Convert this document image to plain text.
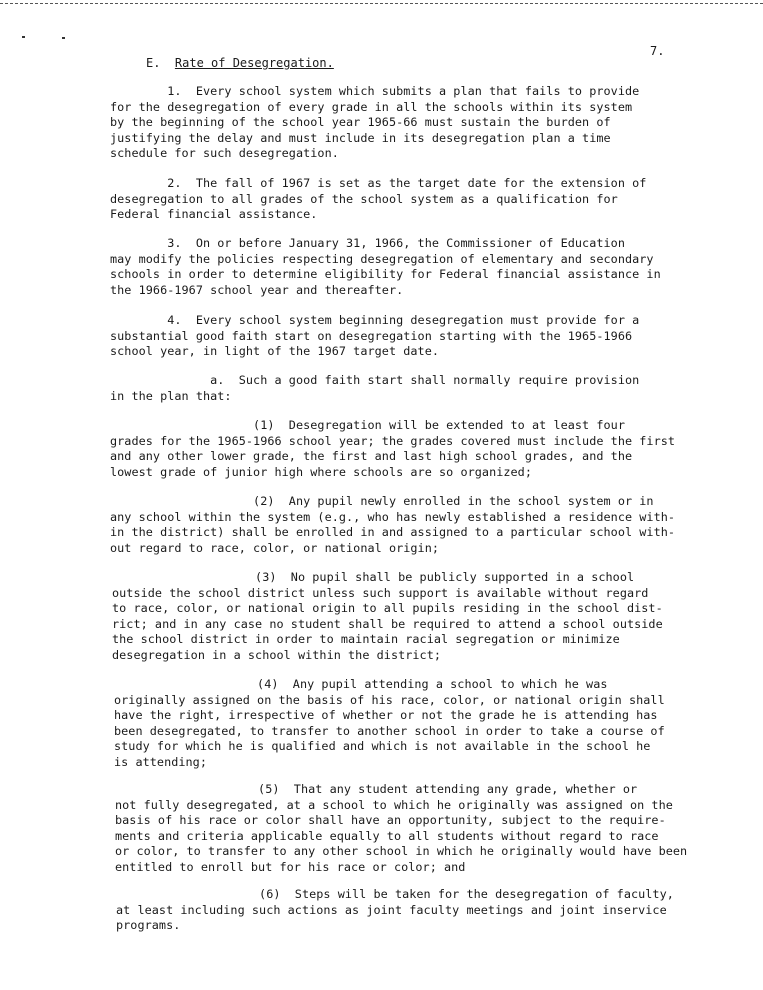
7.
E. Rate of Desegregation.
1.  Every school system which submits a plan that fails to provide
for the desegregation of every grade in all the schools within its system
by the beginning of the school year 1965-66 must sustain the burden of
justifying the delay and must include in its desegregation plan a time
schedule for such desegregation.
2.  The fall of 1967 is set as the target date for the extension of
desegregation to all grades of the school system as a qualification for
Federal financial assistance.
3.  On or before January 31, 1966, the Commissioner of Education
may modify the policies respecting desegregation of elementary and secondary
schools in order to determine eligibility for Federal financial assistance in
the 1966-1967 school year and thereafter.
4.  Every school system beginning desegregation must provide for a
substantial good faith start on desegregation starting with the 1965-1966
school year, in light of the 1967 target date.
a.  Such a good faith start shall normally require provision
in the plan that:
(1)  Desegregation will be extended to at least four
grades for the 1965-1966 school year; the grades covered must include the first
and any other lower grade, the first and last high school grades, and the
lowest grade of junior high where schools are so organized;
(2)  Any pupil newly enrolled in the school system or in
any school within the system (e.g., who has newly established a residence with-
in the district) shall be enrolled in and assigned to a particular school with-
out regard to race, color, or national origin;
(3)  No pupil shall be publicly supported in a school
outside the school district unless such support is available without regard
to race, color, or national origin to all pupils residing in the school dist-
rict; and in any case no student shall be required to attend a school outside
the school district in order to maintain racial segregation or minimize
desegregation in a school within the district;
(4)  Any pupil attending a school to which he was
originally assigned on the basis of his race, color, or national origin shall
have the right, irrespective of whether or not the grade he is attending has
been desegregated, to transfer to another school in order to take a course of
study for which he is qualified and which is not available in the school he
is attending;
(5)  That any student attending any grade, whether or
not fully desegregated, at a school to which he originally was assigned on the
basis of his race or color shall have an opportunity, subject to the require-
ments and criteria applicable equally to all students without regard to race
or color, to transfer to any other school in which he originally would have been
entitled to enroll but for his race or color; and
(6)  Steps will be taken for the desegregation of faculty,
at least including such actions as joint faculty meetings and joint inservice
programs.
